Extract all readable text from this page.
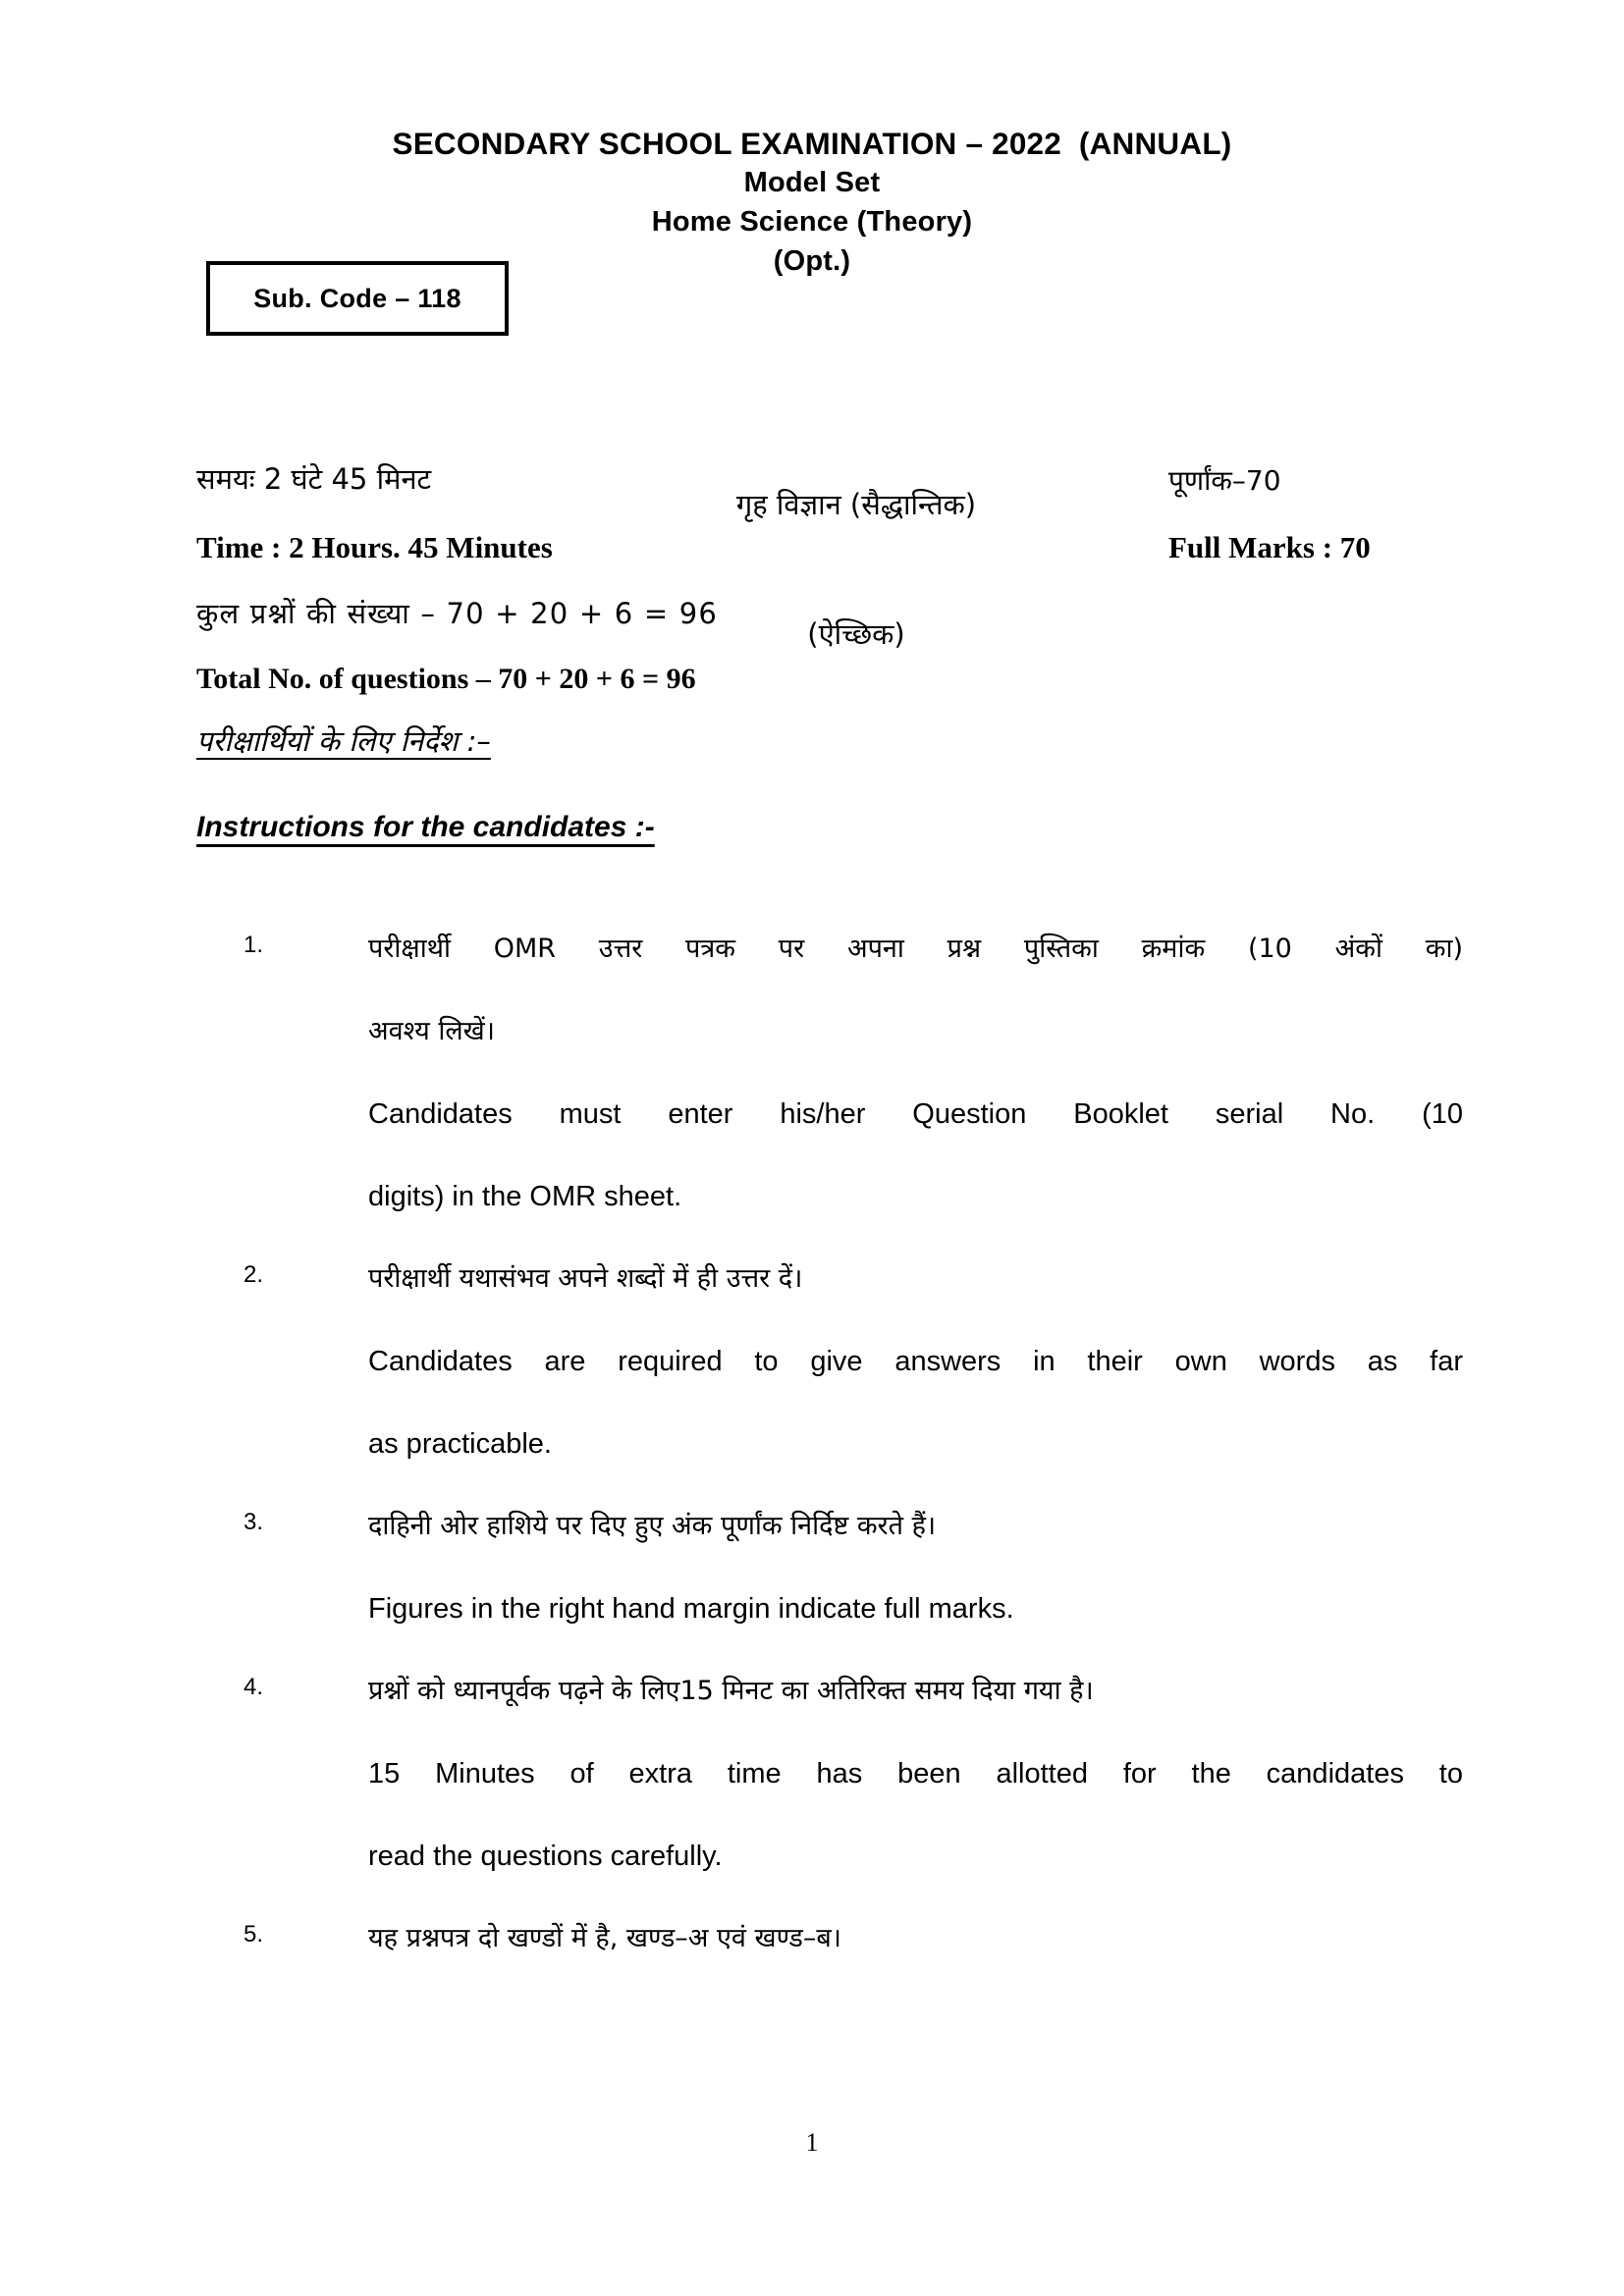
SECONDARY SCHOOL EXAMINATION – 2022  (ANNUAL)
Model Set
Home Science (Theory)
(Opt.)
Sub. Code – 118

गृह विज्ञान (सैद्धान्तिक)

(ऐच्छिक)

समयः 2 घंटे 45 मिनट	पूर्णांक–70
Time : 2 Hours. 45 Minutes	Full Marks : 70
कुल प्रश्नों की संख्या – 70 + 20 + 6 = 96
Total No. of questions – 70 + 20 + 6 = 96
परीक्षार्थियों के लिए निर्देश :–
Instructions for the candidates :-
1.	परीक्षार्थी OMR उत्तर पत्रक पर अपना प्रश्न पुस्तिका क्रमांक (10 अंकों का)
अवश्य लिखें।
Candidates must enter his/her Question Booklet serial No. (10
digits) in the OMR sheet.
2.	परीक्षार्थी यथासंभव अपने शब्दों में ही उत्तर दें।
Candidates are required to give answers in their own words as far
as practicable.
3.	दाहिनी ओर हाशिये पर दिए हुए अंक पूर्णांक निर्दिष्ट करते हैं।
Figures in the right hand margin indicate full marks.
4.	प्रश्नों को ध्यानपूर्वक पढ़ने के लिए15 मिनट का अतिरिक्त समय दिया गया है।
15 Minutes of extra time has been allotted for the candidates to
read the questions carefully.
5.	यह प्रश्नपत्र दो खण्डों में है, खण्ड–अ एवं खण्ड–ब।
1
